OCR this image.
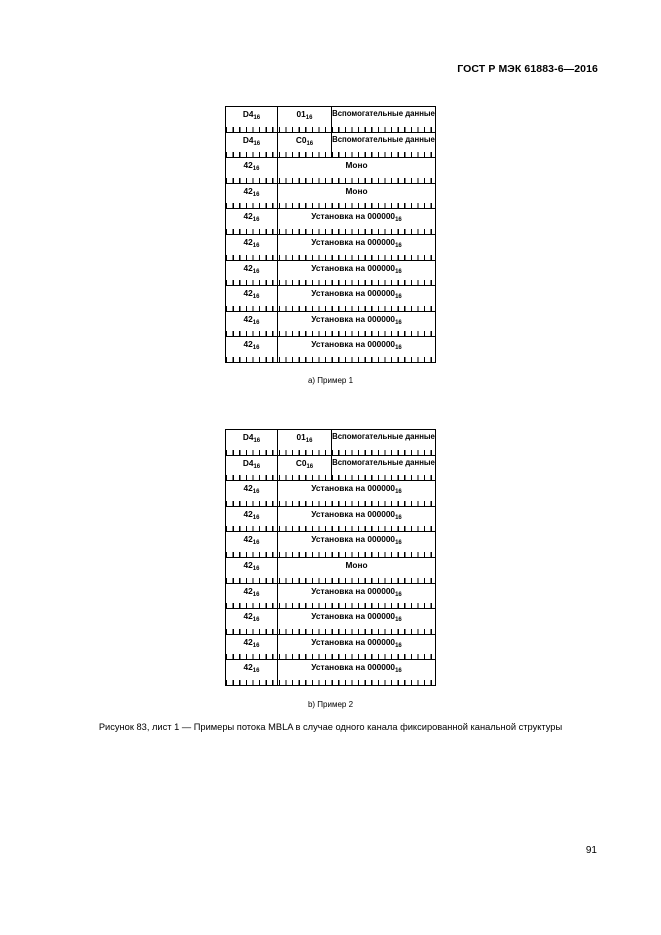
ГОСТ Р МЭК 61883-6—2016
$D4_{16}$	$01_{16}$	Вспомогательные данные
$D4_{16}$	$C0_{16}$ Вспомогательные данные
$42_{16}$	Моно
$42_{16}$	Моно
$42_{16}$	Установка на $000000_{16}$
$42_{16}$	Установка на $000000_{16}$
$42_{16}$	Установка на $000000_{16}$
$42_{16}$	Установка на $000000_{16}$
$42_{16}$	Установка на $000000_{16}$
$42_{16}$	Установка на $000000_{16}$
а) Пример 1
$D4_{16}$	$01_{16}$	Вспомогательные данные
$D4_{16}$	$C0_{16}$ Вспомогательные данные
$42_{16}$	Установка на $000000_{16}$
$42_{16}$	Установка на $000000_{16}$
$42_{16}$	Установка на $000000_{16}$
$42_{16}$	Моно
$42_{16}$	Установка на $000000_{16}$
$42_{16}$	Установка на $000000_{16}$
$42_{16}$	Установка на $000000_{16}$
$42_{16}$	Установка на $000000_{16}$
b) Пример 2
Рисунок 83, лист 1 — Примеры потока MBLA в случае одного канала фиксированной канальной структуры
91
